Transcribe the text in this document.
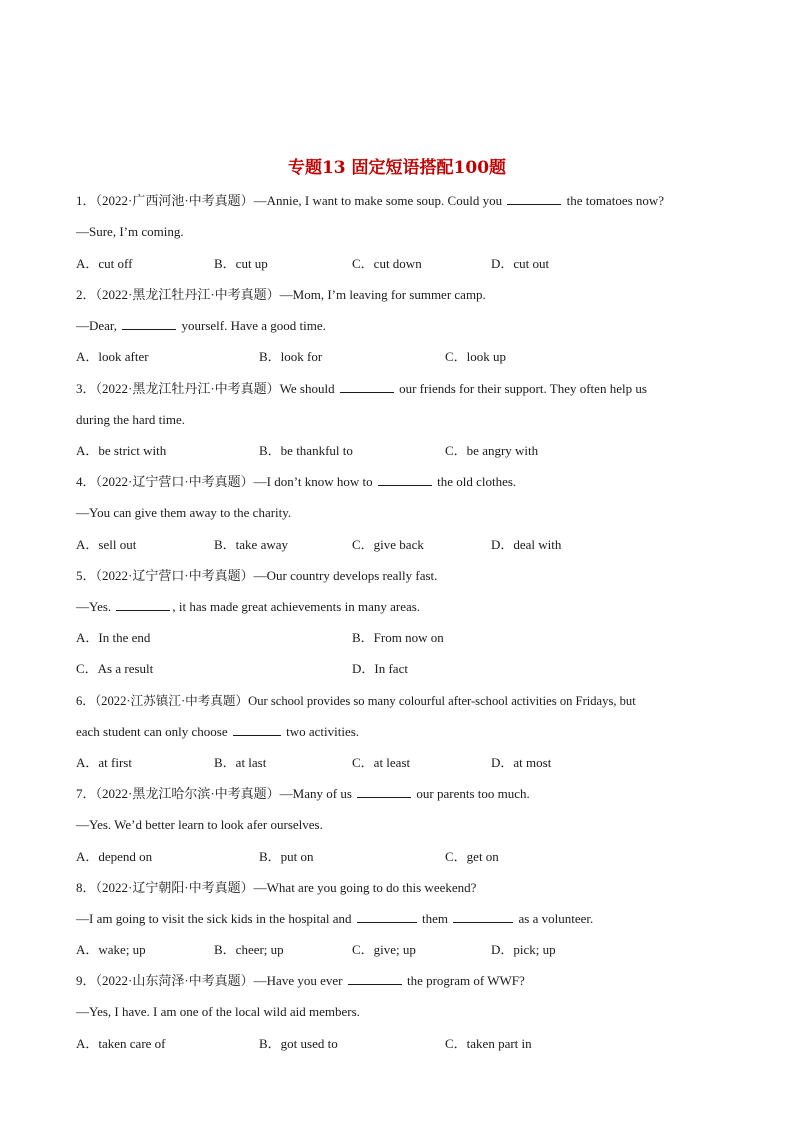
专题13 固定短语搭配100题
1．（2022·广西河池·中考真题）—Annie, I want to make some soup. Could you	the tomatoes now?
—Sure, I’m coming.
A．cut off	B．cut up	C．cut down	D．cut out
2．（2022·黑龙江牡丹江·中考真题）—Mom, I’m leaving for summer camp.
—Dear,	yourself. Have a good time.
A．look after	B．look for	C．look up
3．（2022·黑龙江牡丹江·中考真题）We should	our friends for their support. They often help us
during the hard time.
A．be strict with	B．be thankful to	C．be angry with
4．（2022·辽宁营口·中考真题）—I don’t know how to	the old clothes.
—You can give them away to the charity.
A．sell out	B．take away	C．give back	D．deal with
5．（2022·辽宁营口·中考真题）—Our country develops really fast.
—Yes.	, it has made great achievements in many areas.
A．In the end	B．From now on
C．As a result	D．In fact
6．（2022·江苏镇江·中考真题）Our school provides so many colourful after-school activities on Fridays, but
each student can only choose	two activities.
A．at first	B．at last	C．at least	D．at most
7．（2022·黑龙江哈尔滨·中考真题）—Many of us	our parents too much.
—Yes. We’d better learn to look afer ourselves.
A．depend on	B．put on	C．get on
8．（2022·辽宁朝阳·中考真题）—What are you going to do this weekend?
—I am going to visit the sick kids in the hospital and	them	as a volunteer.
A．wake; up	B．cheer; up	C．give; up	D．pick; up
9．（2022·山东菏泽·中考真题）—Have you ever	the program of WWF?
—Yes, I have. I am one of the local wild aid members.
A．taken care of	B．got used to	C．taken part in
